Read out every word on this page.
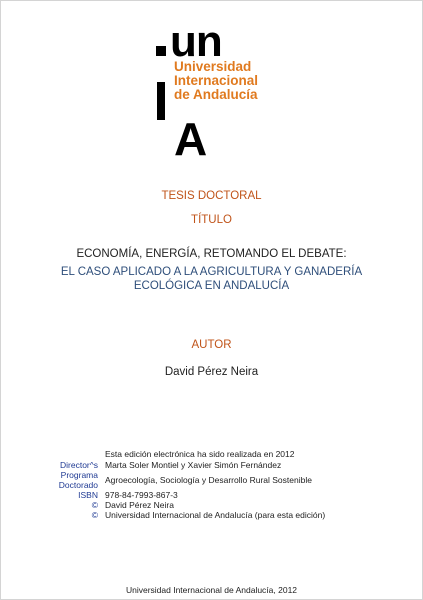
un
Universidad
Internacional
de Andalucía
A
TESIS DOCTORAL
TÍTULO
ECONOMÍA, ENERGÍA, RETOMANDO EL DEBATE:
EL CASO APLICADO A LA AGRICULTURA Y GANADERÍA
ECOLÓGICA EN ANDALUCÍA
AUTOR
David Pérez Neira
Esta edición electrónica ha sido realizada en 2012
Director^s Marta Soler Montiel y Xavier Simón Fernández
Programa
Doctorado Agroecología, Sociología y Desarrollo Rural Sostenible
ISBN 978-84-7993-867-3
© David Pérez Neira
© Universidad Internacional de Andalucía (para esta edición)
Universidad Internacional de Andalucía, 2012
